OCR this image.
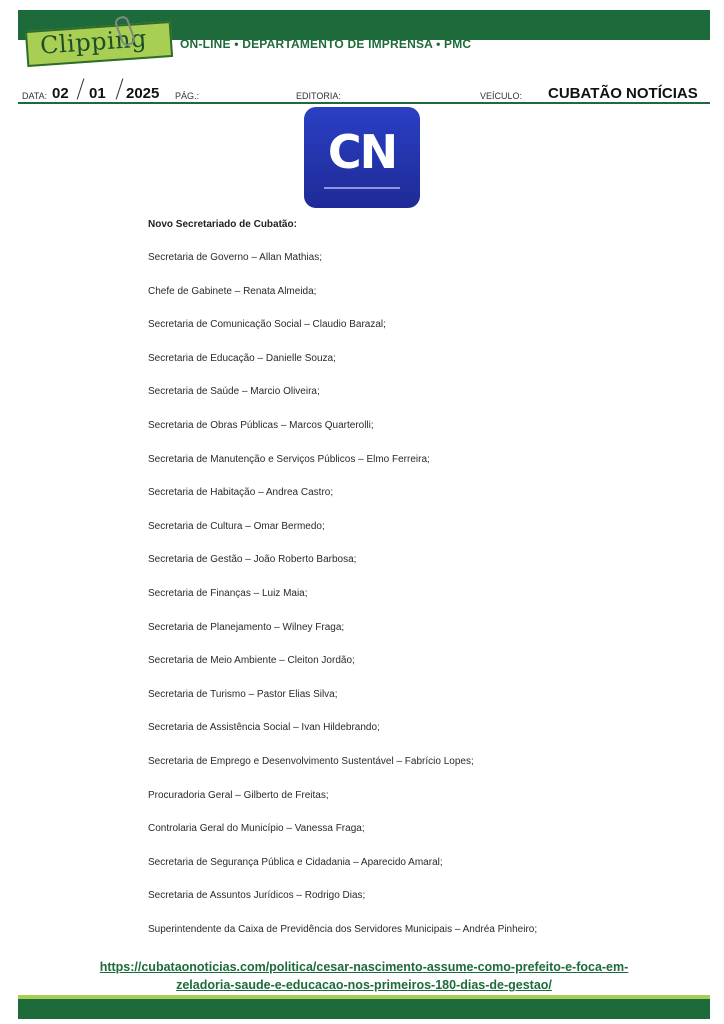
Clipping	ON-LINE • DEPARTAMENTO DE IMPRENSA • PMC
DATA: 02 01 2025 PÁG.:	EDITORIA:	VEÍCULO: CUBATÃO NOTÍCIAS
CN
Novo Secretariado de Cubatão:
Secretaria de Governo – Allan Mathias;
Chefe de Gabinete – Renata Almeida;
Secretaria de Comunicação Social – Claudio Barazal;
Secretaria de Educação – Danielle Souza;
Secretaria de Saúde – Marcio Oliveira;
Secretaria de Obras Públicas – Marcos Quarterolli;
Secretaria de Manutenção e Serviços Públicos – Elmo Ferreira;
Secretaria de Habitação – Andrea Castro;
Secretaria de Cultura – Omar Bermedo;
Secretaria de Gestão – João Roberto Barbosa;
Secretaria de Finanças – Luiz Maia;
Secretaria de Planejamento – Wilney Fraga;
Secretaria de Meio Ambiente – Cleiton Jordão;
Secretaria de Turismo – Pastor Elias Silva;
Secretaria de Assistência Social – Ivan Hildebrando;
Secretaria de Emprego e Desenvolvimento Sustentável – Fabrício Lopes;
Procuradoria Geral – Gilberto de Freitas;
Controlaria Geral do Município – Vanessa Fraga;
Secretaria de Segurança Pública e Cidadania – Aparecido Amaral;
Secretaria de Assuntos Jurídicos – Rodrigo Dias;
Superintendente da Caixa de Previdência dos Servidores Municipais – Andréa Pinheiro;
https://cubataonoticias.com/politica/cesar-nascimento-assume-como-prefeito-e-foca-em-
zeladoria-saude-e-educacao-nos-primeiros-180-dias-de-gestao/
